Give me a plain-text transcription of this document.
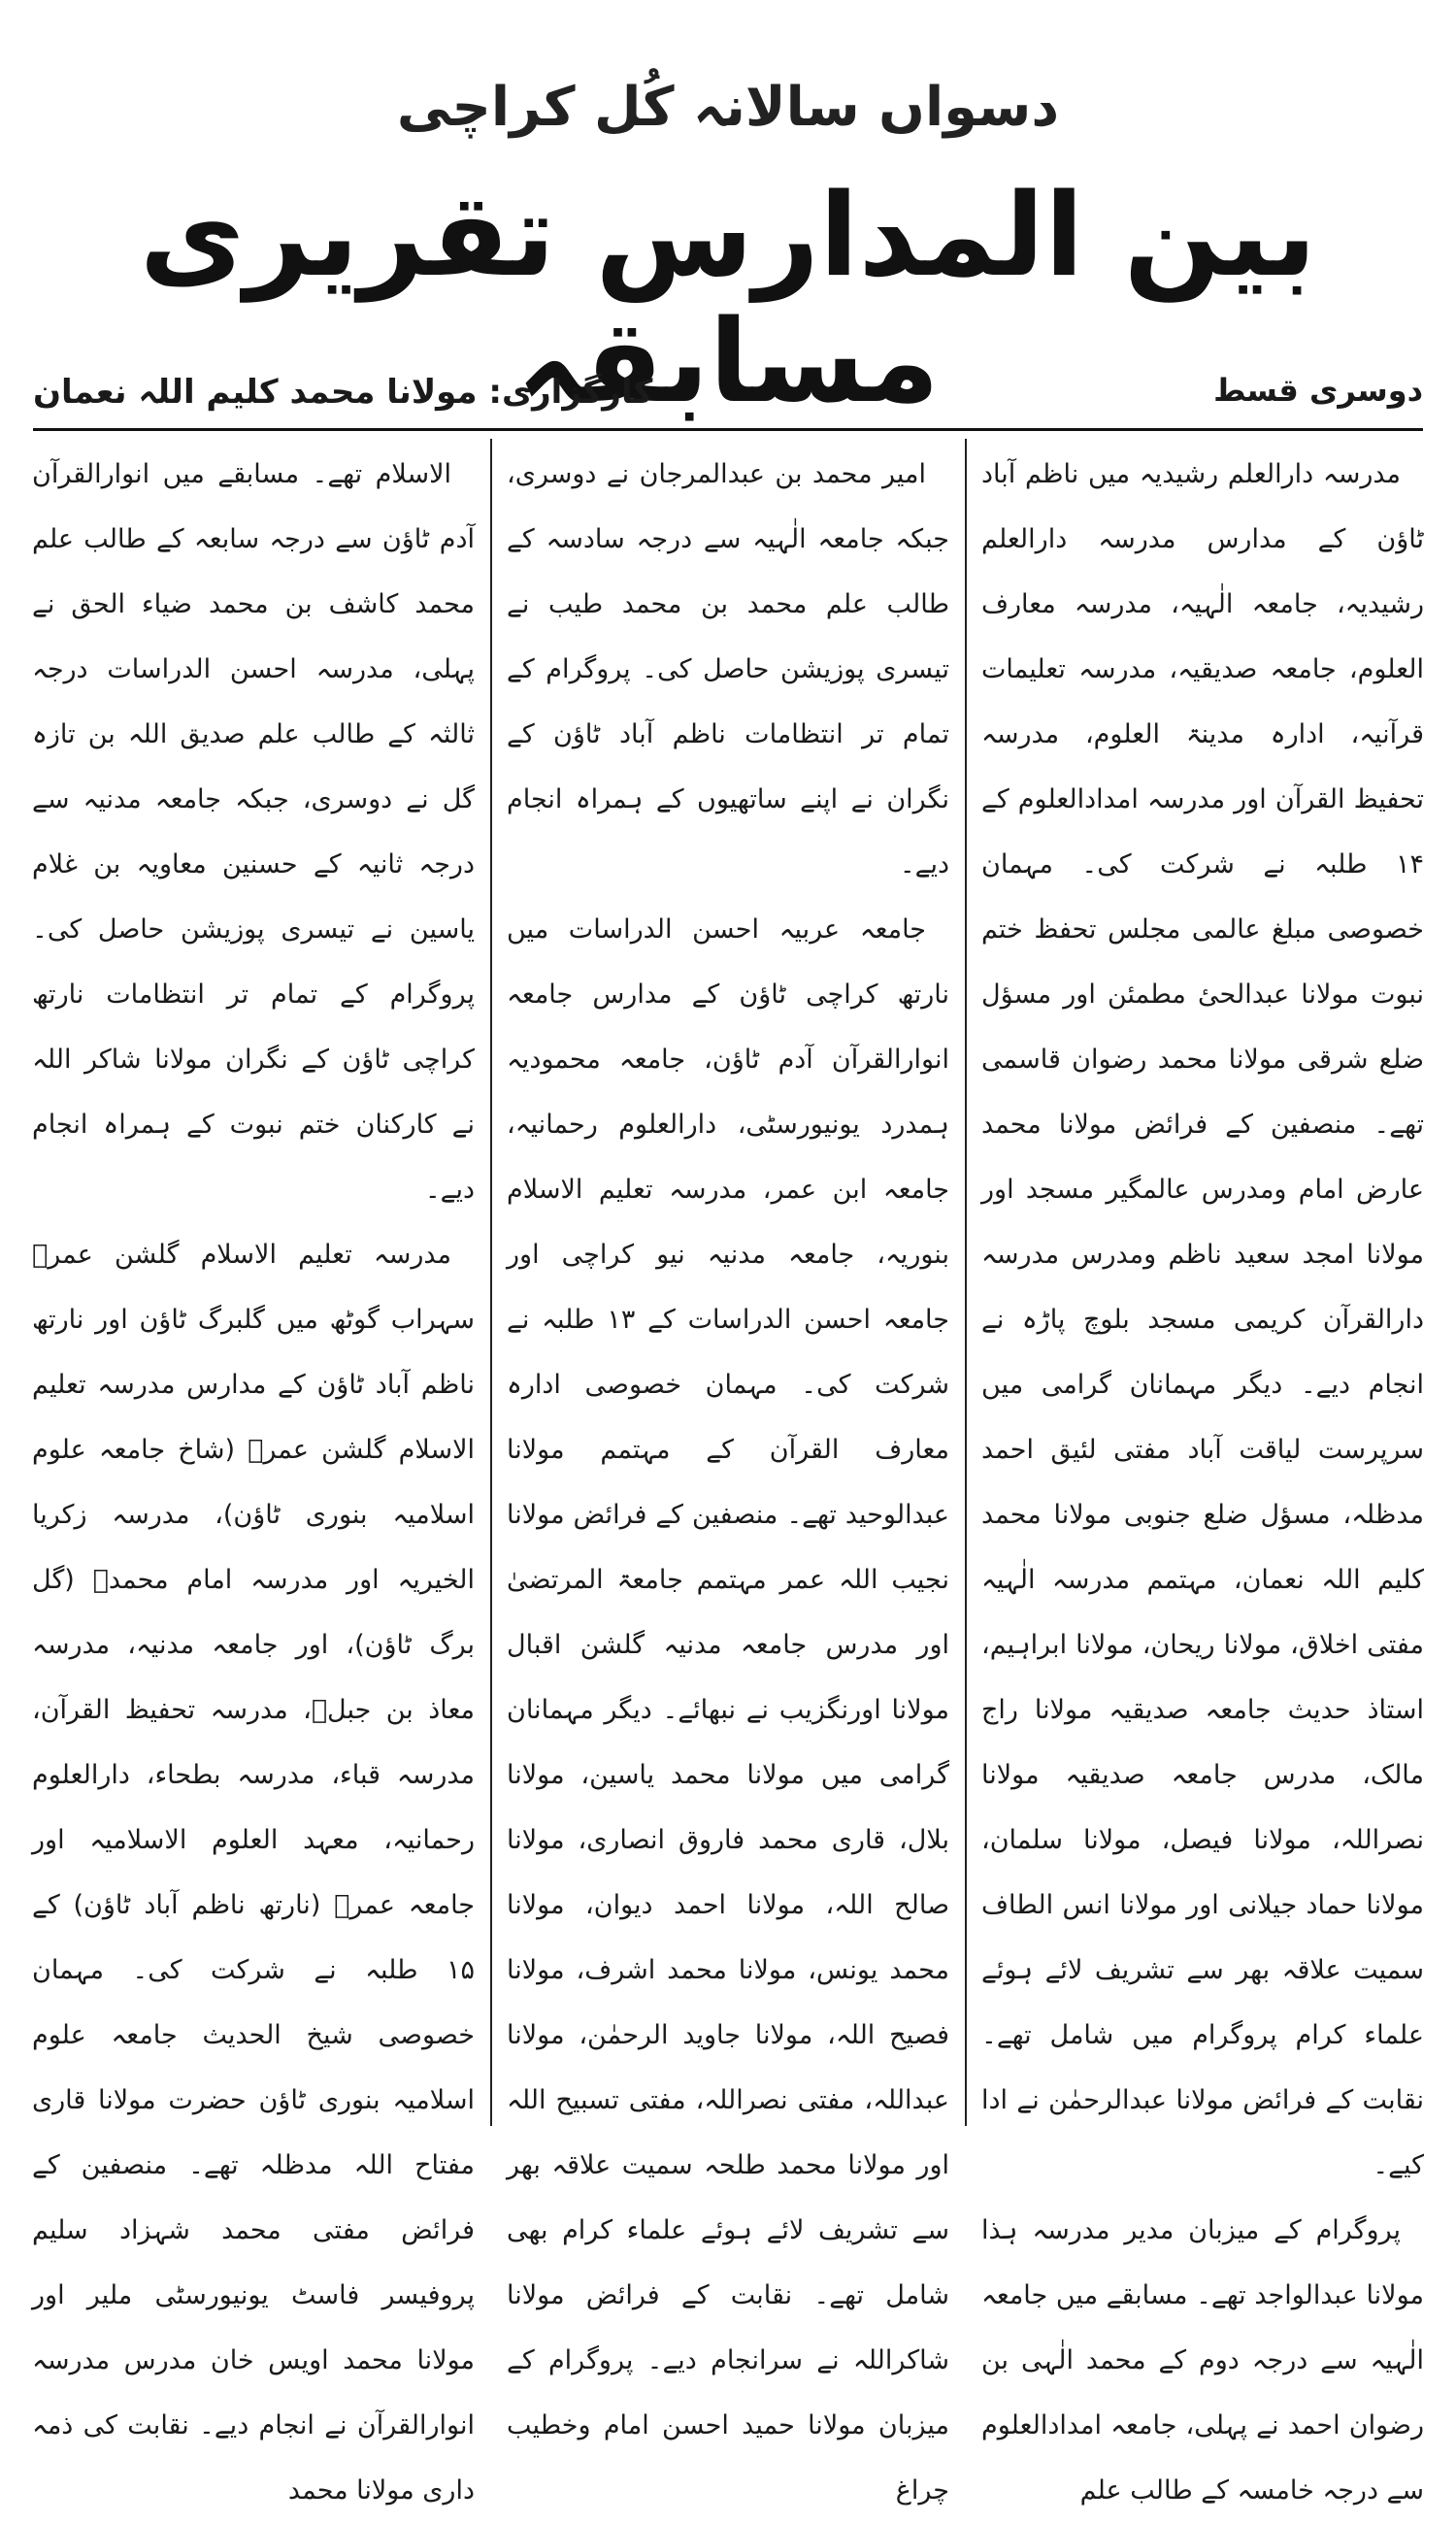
دسواں سالانہ کُل کراچی
بین المدارس تقریری مسابقہ	دوسری قسط
کارگزاری: مولانا محمد کلیم اللہ نعمان

مدرسہ دارالعلم رشیدیہ میں ناظم آباد ٹاؤن کے مدارس مدرسہ دارالعلم رشیدیہ، جامعہ الٰہیہ، مدرسہ معارف العلوم، جامعہ صدیقیہ، مدرسہ تعلیمات قرآنیہ، ادارہ مدینۃ العلوم، مدرسہ تحفیظ القرآن اور مدرسہ امدادالعلوم کے ۱۴ طلبہ نے شرکت کی۔ مہمان خصوصی مبلغ عالمی مجلس تحفظ ختم نبوت مولانا عبدالحیٔ مطمئن اور مسؤل ضلع شرقی مولانا محمد رضوان قاسمی تھے۔ منصفین کے فرائض مولانا محمد عارض امام ومدرس عالمگیر مسجد اور مولانا امجد سعید ناظم ومدرس مدرسہ دارالقرآن کریمی مسجد بلوچ پاڑہ نے انجام دیے۔ دیگر مہمانان گرامی میں سرپرست لیاقت آباد مفتی لئیق احمد مدظلہ، مسؤل ضلع جنوبی مولانا محمد کلیم اللہ نعمان، مہتمم مدرسہ الٰہیہ مفتی اخلاق، مولانا ریحان، مولانا ابراہیم، استاذ حدیث جامعہ صدیقیہ مولانا راج مالک، مدرس جامعہ صدیقیہ مولانا نصراللہ، مولانا فیصل، مولانا سلمان، مولانا حماد جیلانی اور مولانا انس الطاف سمیت علاقہ بھر سے تشریف لائے ہوئے علماء کرام پروگرام میں شامل تھے۔ نقابت کے فرائض مولانا عبدالرحمٰن نے ادا کیے۔

پروگرام کے میزبان مدیر مدرسہ ہذا مولانا عبدالواجد تھے۔ مسابقے میں جامعہ الٰہیہ سے درجہ دوم کے محمد الٰہی بن رضوان احمد نے پہلی، جامعہ امدادالعلوم سے درجہ خامسہ کے طالب علم

امیر محمد بن عبدالمرجان نے دوسری، جبکہ جامعہ الٰہیہ سے درجہ سادسہ کے طالب علم محمد بن محمد طیب نے تیسری پوزیشن حاصل کی۔ پروگرام کے تمام تر انتظامات ناظم آباد ٹاؤن کے نگران نے اپنے ساتھیوں کے ہمراہ انجام دیے۔

جامعہ عربیہ احسن الدراسات میں نارتھ کراچی ٹاؤن کے مدارس جامعہ انوارالقرآن آدم ٹاؤن، جامعہ محمودیہ ہمدرد یونیورسٹی، دارالعلوم رحمانیہ، جامعہ ابن عمر، مدرسہ تعلیم الاسلام بنوریہ، جامعہ مدنیہ نیو کراچی اور جامعہ احسن الدراسات کے ۱۳ طلبہ نے شرکت کی۔ مہمان خصوصی ادارہ معارف القرآن کے مہتمم مولانا عبدالوحید تھے۔ منصفین کے فرائض مولانا نجیب اللہ عمر مہتمم جامعۃ المرتضیٰ اور مدرس جامعہ مدنیہ گلشن اقبال مولانا اورنگزیب نے نبھائے۔ دیگر مہمانان گرامی میں مولانا محمد یاسین، مولانا بلال، قاری محمد فاروق انصاری، مولانا صالح اللہ، مولانا احمد دیوان، مولانا محمد یونس، مولانا محمد اشرف، مولانا فصیح اللہ، مولانا جاوید الرحمٰن، مولانا عبداللہ، مفتی نصراللہ، مفتی تسبیح اللہ اور مولانا محمد طلحہ سمیت علاقہ بھر سے تشریف لائے ہوئے علماء کرام بھی شامل تھے۔ نقابت کے فرائض مولانا شاکراللہ نے سرانجام دیے۔ پروگرام کے میزبان مولانا حمید احسن امام وخطیب چراغ

الاسلام تھے۔ مسابقے میں انوارالقرآن آدم ٹاؤن سے درجہ سابعہ کے طالب علم محمد کاشف بن محمد ضیاء الحق نے پہلی، مدرسہ احسن الدراسات درجہ ثالثہ کے طالب علم صدیق اللہ بن تازہ گل نے دوسری، جبکہ جامعہ مدنیہ سے درجہ ثانیہ کے حسنین معاویہ بن غلام یاسین نے تیسری پوزیشن حاصل کی۔ پروگرام کے تمام تر انتظامات نارتھ کراچی ٹاؤن کے نگران مولانا شاکر اللہ نے کارکنان ختم نبوت کے ہمراہ انجام دیے۔

مدرسہ تعلیم الاسلام گلشن عمرؓ سہراب گوٹھ میں گلبرگ ٹاؤن اور نارتھ ناظم آباد ٹاؤن کے مدارس مدرسہ تعلیم الاسلام گلشن عمرؓ (شاخ جامعہ علوم اسلامیہ بنوری ٹاؤن)، مدرسہ زکریا الخیریہ اور مدرسہ امام محمدؒ (گل برگ ٹاؤن)، اور جامعہ مدنیہ، مدرسہ معاذ بن جبلؓ، مدرسہ تحفیظ القرآن، مدرسہ قباء، مدرسہ بطحاء، دارالعلوم رحمانیہ، معہد العلوم الاسلامیہ اور جامعہ عمرؓ (نارتھ ناظم آباد ٹاؤن) کے ۱۵ طلبہ نے شرکت کی۔ مہمان خصوصی شیخ الحدیث جامعہ علوم اسلامیہ بنوری ٹاؤن حضرت مولانا قاری مفتاح اللہ مدظلہ تھے۔ منصفین کے فرائض مفتی محمد شہزاد سلیم پروفیسر فاسٹ یونیورسٹی ملیر اور مولانا محمد اویس خان مدرس مدرسہ انوارالقرآن نے انجام دیے۔ نقابت کی ذمہ داری مولانا محمد
